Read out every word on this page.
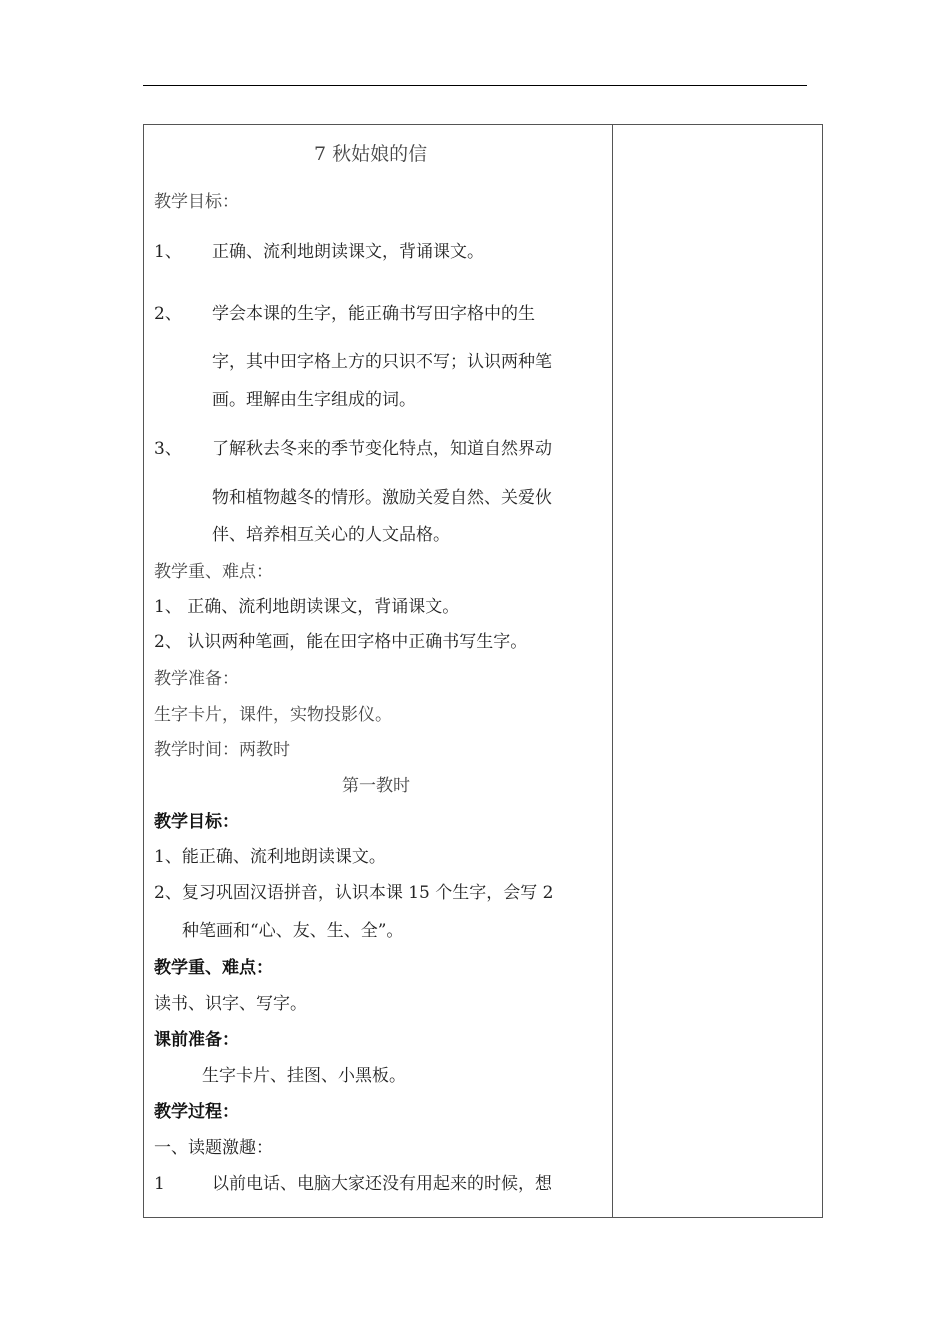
7 秋姑娘的信
教学目标：
1、 正确、流利地朗读课文，背诵课文。
2、 学会本课的生字，能正确书写田字格中的生
字，其中田字格上方的只识不写；认识两种笔
画。理解由生字组成的词。
3、 了解秋去冬来的季节变化特点，知道自然界动
物和植物越冬的情形。激励关爱自然、关爱伙
伴、培养相互关心的人文品格。
教学重、难点：
1、 正确、流利地朗读课文，背诵课文。
2、 认识两种笔画，能在田字格中正确书写生字。
教学准备：
生字卡片，课件，实物投影仪。
教学时间：两教时
第一教时
教学目标：
1、能正确、流利地朗读课文。
2、复习巩固汉语拼音，认识本课 15 个生字，会写 2
种笔画和“心、友、生、全”。
教学重、难点：
读书、识字、写字。
课前准备：
生字卡片、挂图、小黑板。
教学过程：
一、读题激趣：
1	以前电话、电脑大家还没有用起来的时候，想
